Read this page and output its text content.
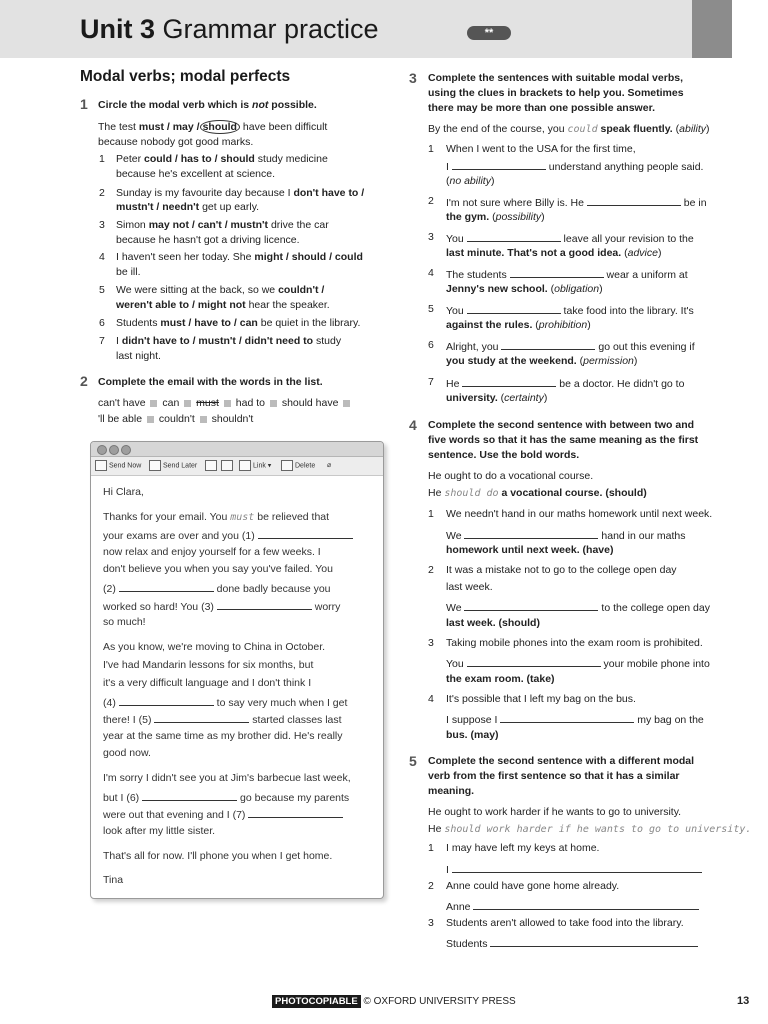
Unit 3 Grammar practice	**
Modal verbs; modal perfects
1 Circle the modal verb which is not possible.
The test must / may / should have been difficult
because nobody got good marks.
1 Peter could / has to / should study medicine
because he's excellent at science.
2 Sunday is my favourite day because I don't have to /
mustn't / needn't get up early.
3 Simon may not / can't / mustn't drive the car
because he hasn't got a driving licence.
4 I haven't seen her today. She might / should / could
be ill.
5 We were sitting at the back, so we couldn't /
weren't able to / might not hear the speaker.
6 Students must / have to / can be quiet in the library.
7 I didn't have to / mustn't / didn't need to study
last night.
2 Complete the email with the words in the list.
can't have can must had to should have
'll be able couldn't shouldn't
Send Now	Send Later	Link ▾	Delete ⌀
Hi Clara,
Thanks for your email. You must be relieved that
your exams are over and you (1)
now relax and enjoy yourself for a few weeks. I
don't believe you when you say you've failed. You
(2)	done badly because you
worked so hard! You (3)	worry
so much!
As you know, we're moving to China in October.
I've had Mandarin lessons for six months, but
it's a very difficult language and I don't think I
(4)	to say very much when I get
there! I (5)	started classes last
year at the same time as my brother did. He's really
good now.
I'm sorry I didn't see you at Jim's barbecue last week,
but I (6)	go because my parents
were out that evening and I (7)
look after my little sister.
That's all for now. I'll phone you when I get home.
Tina
3 Complete the sentences with suitable modal verbs,
using the clues in brackets to help you. Sometimes
there may be more than one possible answer.
By the end of the course, you could speak fluently. (ability)
1 When I went to the USA for the first time,
I	understand anything people said.
(no ability)
2 I'm not sure where Billy is. He	be in
the gym. (possibility)
3 You	leave all your revision to the
last minute. That's not a good idea. (advice)
4 The students	wear a uniform at
Jenny's new school. (obligation)
5 You	take food into the library. It's
against the rules. (prohibition)
6 Alright, you	go out this evening if
you study at the weekend. (permission)
7 He	be a doctor. He didn't go to
university. (certainty)
4 Complete the second sentence with between two and
five words so that it has the same meaning as the first
sentence. Use the bold words.
He ought to do a vocational course.
He should do a vocational course. (should)
1 We needn't hand in our maths homework until next week.
We	hand in our maths
homework until next week. (have)
2 It was a mistake not to go to the college open day
last week.
We	to the college open day
last week. (should)
3 Taking mobile phones into the exam room is prohibited.
You	your mobile phone into
the exam room. (take)
4 It's possible that I left my bag on the bus.
I suppose I	my bag on the
bus. (may)
5 Complete the second sentence with a different modal
verb from the first sentence so that it has a similar
meaning.
He ought to work harder if he wants to go to university.
He should work harder if he wants to go to university.
1 I may have left my keys at home.
I
2 Anne could have gone home already.
Anne
3 Students aren't allowed to take food into the library.
Students
PHOTOCOPIABLE © OXFORD UNIVERSITY PRESS	13
